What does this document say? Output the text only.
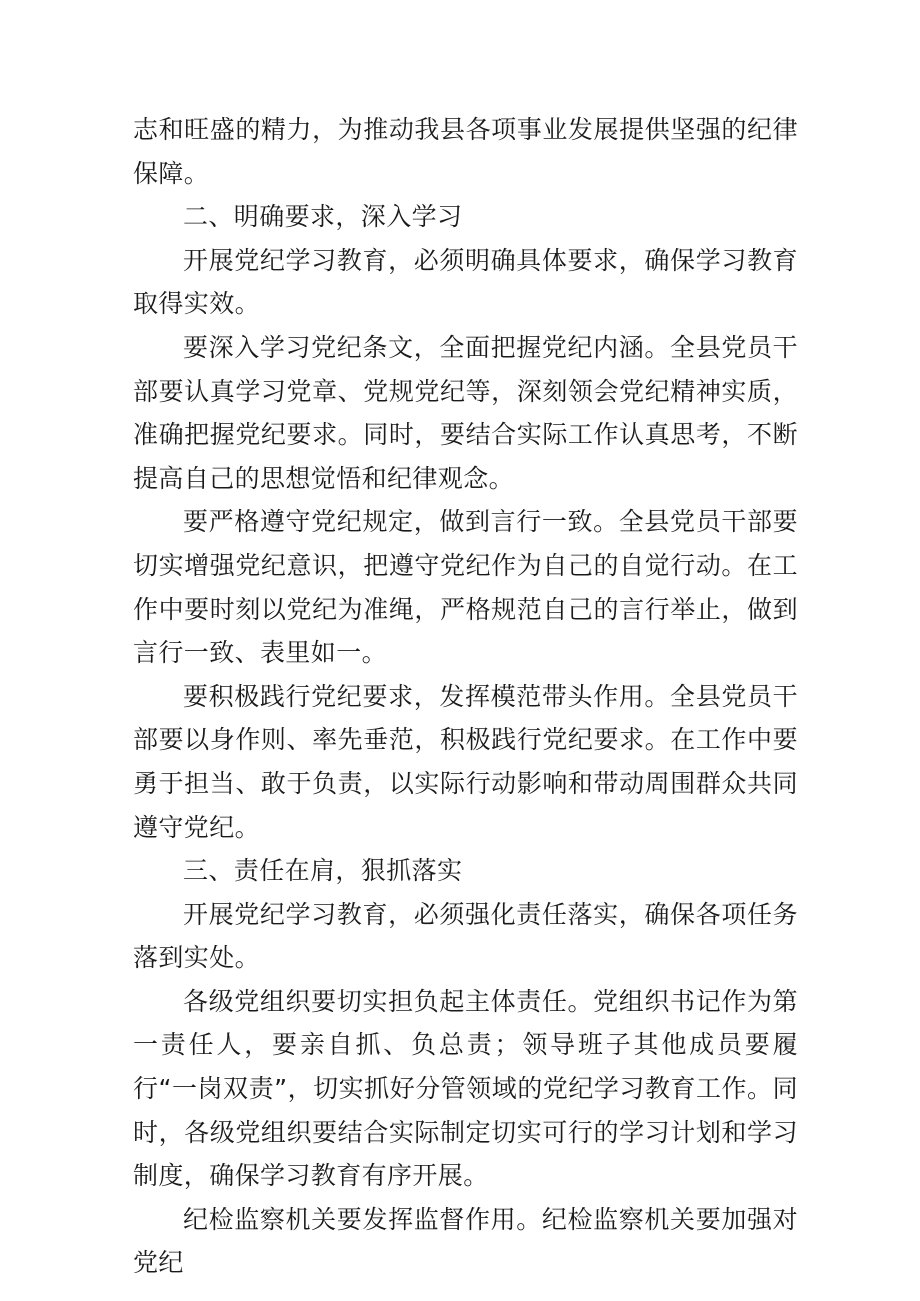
志和旺盛的精力，为推动我县各项事业发展提供坚强的纪律保障。

二、明确要求，深入学习

开展党纪学习教育，必须明确具体要求，确保学习教育取得实效。

要深入学习党纪条文，全面把握党纪内涵。全县党员干部要认真学习党章、党规党纪等，深刻领会党纪精神实质，准确把握党纪要求。同时，要结合实际工作认真思考，不断提高自己的思想觉悟和纪律观念。

要严格遵守党纪规定，做到言行一致。全县党员干部要切实增强党纪意识，把遵守党纪作为自己的自觉行动。在工作中要时刻以党纪为准绳，严格规范自己的言行举止，做到言行一致、表里如一。

要积极践行党纪要求，发挥模范带头作用。全县党员干部要以身作则、率先垂范，积极践行党纪要求。在工作中要勇于担当、敢于负责，以实际行动影响和带动周围群众共同遵守党纪。

三、责任在肩，狠抓落实

开展党纪学习教育，必须强化责任落实，确保各项任务落到实处。

各级党组织要切实担负起主体责任。党组织书记作为第一责任人，要亲自抓、负总责；领导班子其他成员要履行“一岗双责”，切实抓好分管领域的党纪学习教育工作。同时，各级党组织要结合实际制定切实可行的学习计划和学习制度，确保学习教育有序开展。

纪检监察机关要发挥监督作用。纪检监察机关要加强对党纪
